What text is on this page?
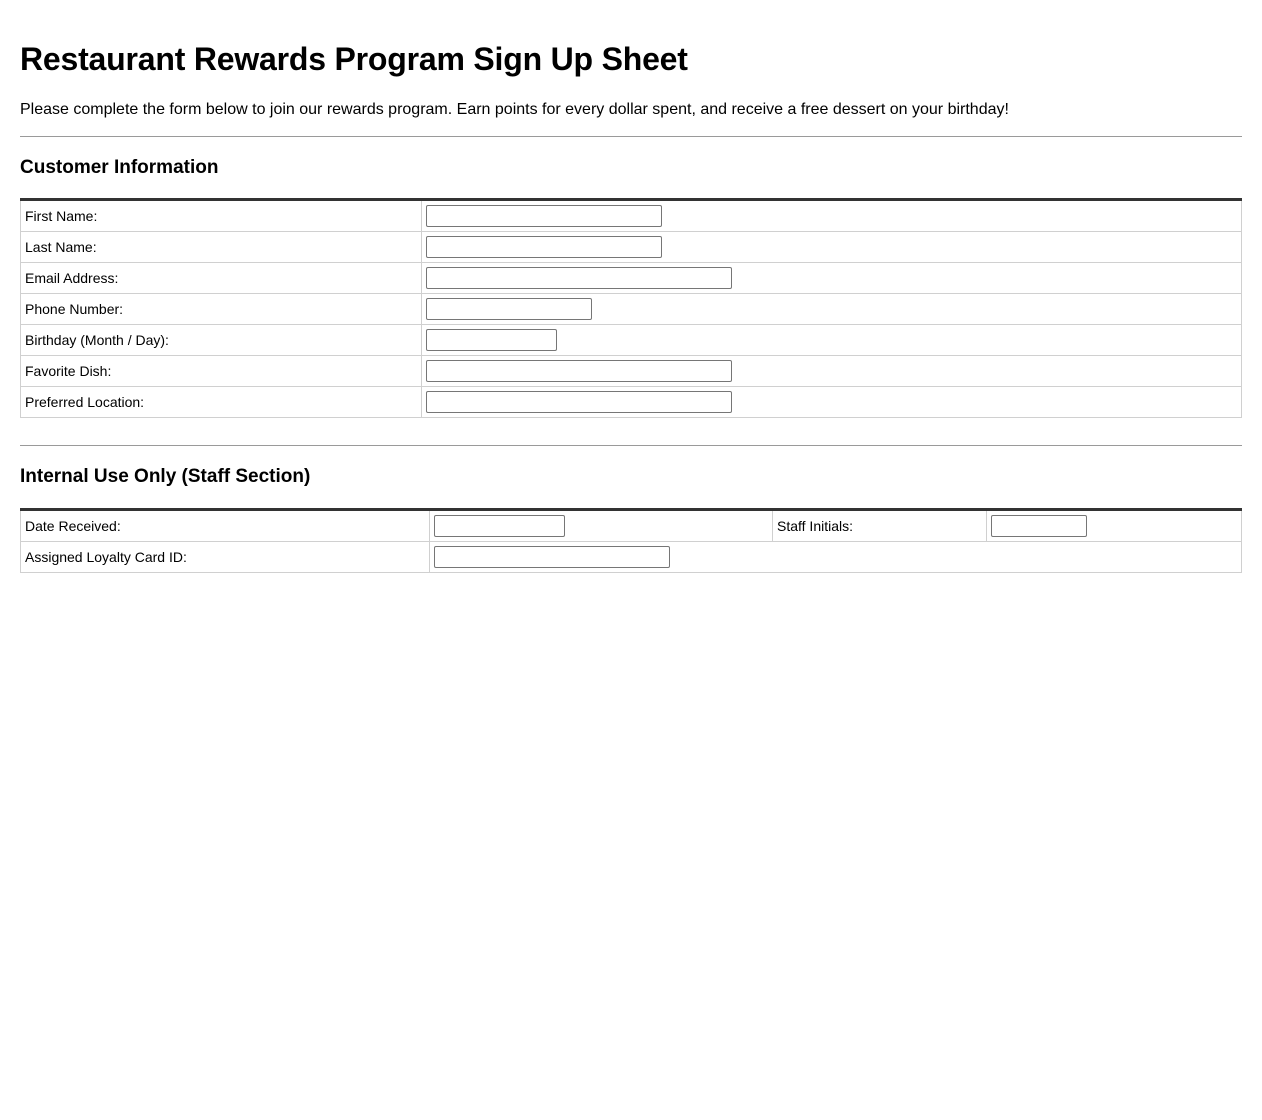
Restaurant Rewards Program Sign Up Sheet

Please complete the form below to join our rewards program. Earn points for every dollar spent, and receive a free dessert on your birthday!

Customer Information
First Name:	

Last Name:	

Email Address:	

Phone Number:	

Birthday (Month / Day):	

Favorite Dish:	

Preferred Location:	
Internal Use Only (Staff Section)
Date Received:		Staff Initials:	

Assigned Loyalty Card ID:	
